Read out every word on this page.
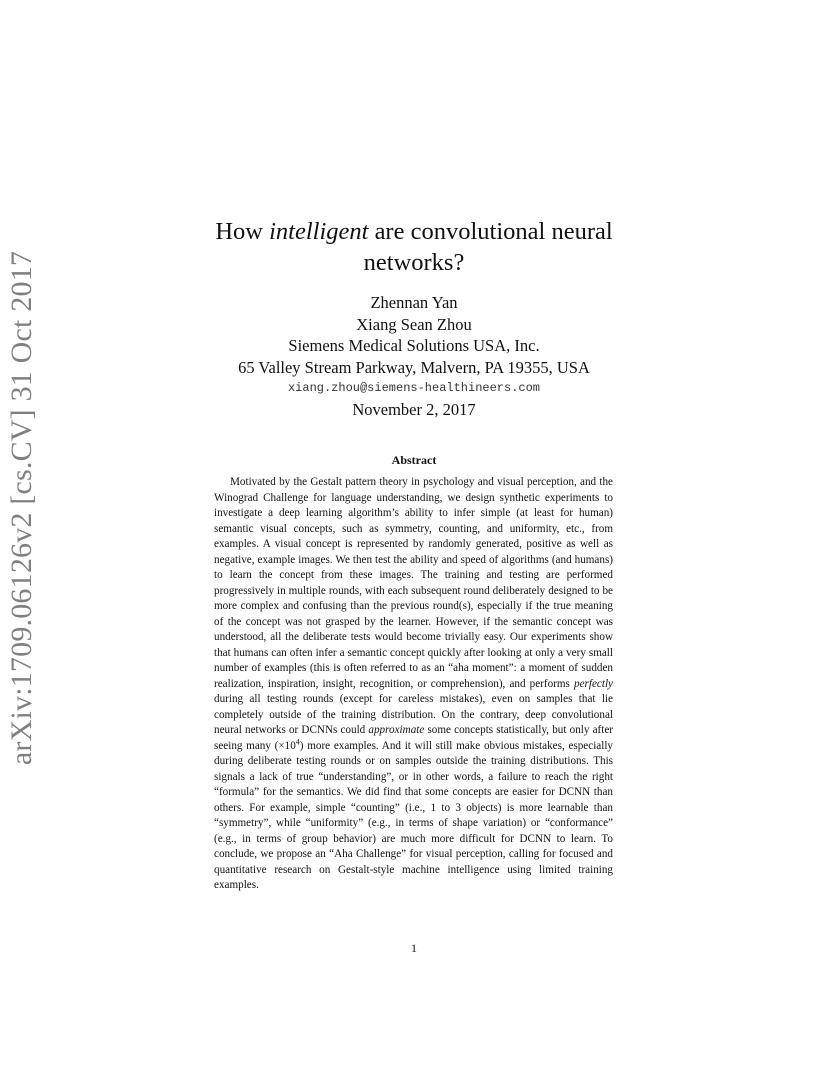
arXiv:1709.06126v2 [cs.CV] 31 Oct 2017
How intelligent are convolutional neural networks?
Zhennan Yan
Xiang Sean Zhou
Siemens Medical Solutions USA, Inc.
65 Valley Stream Parkway, Malvern, PA 19355, USA
xiang.zhou@siemens-healthineers.com
November 2, 2017
Abstract

Motivated by the Gestalt pattern theory in psychology and visual perception, and the Winograd Challenge for language understanding, we design synthetic experiments to investigate a deep learning algorithm’s ability to infer simple (at least for human) semantic visual concepts, such as symmetry, counting, and uniformity, etc., from examples. A visual concept is represented by randomly generated, positive as well as negative, example images. We then test the ability and speed of algorithms (and humans) to learn the concept from these images. The training and testing are performed progressively in multiple rounds, with each subsequent round deliberately designed to be more complex and confusing than the previous round(s), especially if the true meaning of the concept was not grasped by the learner. However, if the semantic concept was understood, all the deliberate tests would become trivially easy. Our experiments show that humans can often infer a semantic concept quickly after looking at only a very small number of examples (this is often referred to as an “aha moment”: a moment of sudden realization, inspiration, insight, recognition, or comprehension), and performs perfectly during all testing rounds (except for careless mistakes), even on samples that lie completely outside of the training distribution. On the contrary, deep convolutional neural networks or DCNNs could approximate some concepts statistically, but only after seeing many $(\times 10^4)$ more examples. And it will still make obvious mistakes, especially during deliberate testing rounds or on samples outside the training distributions. This signals a lack of true “understanding”, or in other words, a failure to reach the right “formula” for the semantics. We did find that some concepts are easier for DCNN than others. For example, simple “counting” (i.e., 1 to 3 objects) is more learnable than “symmetry”, while “uniformity” (e.g., in terms of shape variation) or “conformance” (e.g., in terms of group behavior) are much more difficult for DCNN to learn. To conclude, we propose an “Aha Challenge” for visual perception, calling for focused and quantitative research on Gestalt-style machine intelligence using limited training examples.

1
